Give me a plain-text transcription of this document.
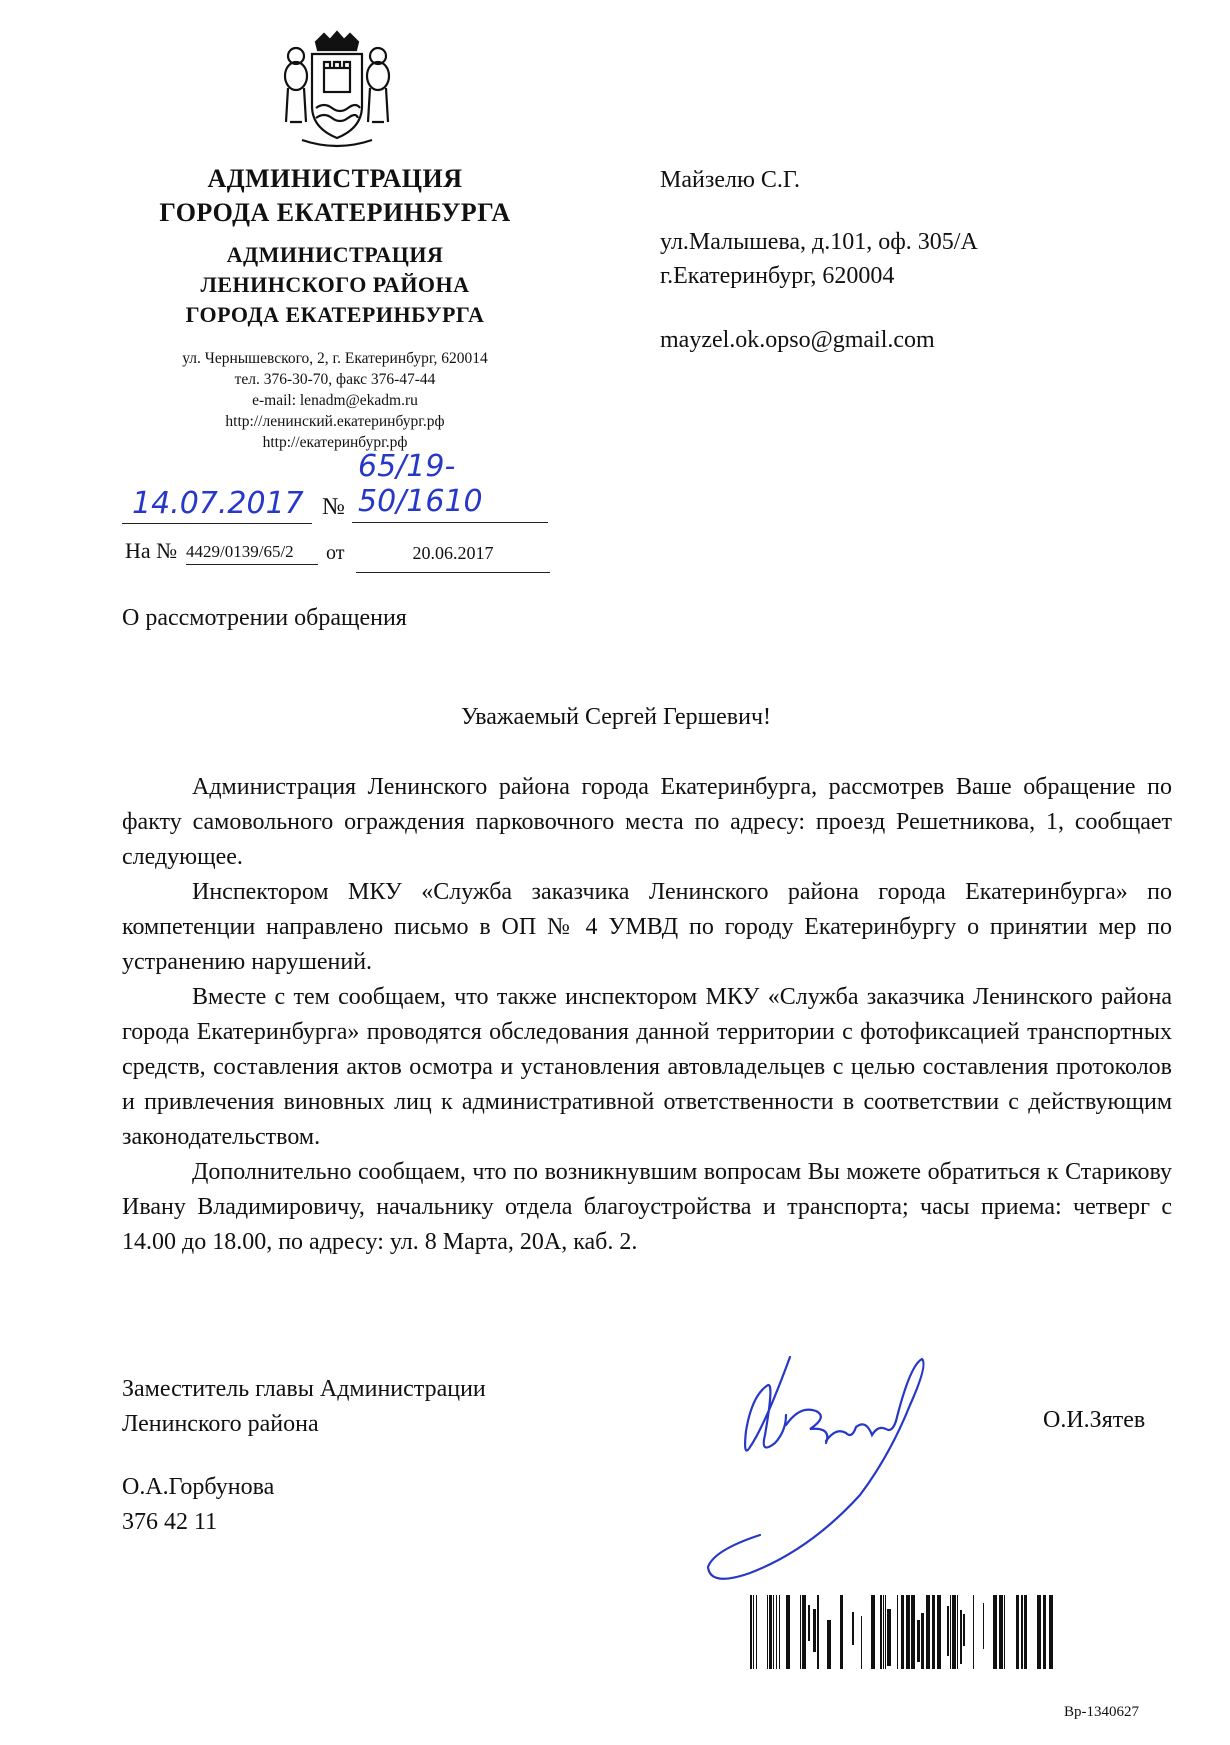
АДМИНИСТРАЦИЯ
ГОРОДА ЕКАТЕРИНБУРГА
АДМИНИСТРАЦИЯ
ЛЕНИНСКОГО РАЙОНА
ГОРОДА ЕКАТЕРИНБУРГА
ул. Чернышевского, 2, г. Екатеринбург, 620014
тел. 376-30-70, факс 376-47-44
e-mail: lenadm@ekadm.ru
http://ленинский.екатеринбург.рф
http://екатеринбург.рф
Майзелю С.Г.
ул.Малышева, д.101, оф. 305/А
г.Екатеринбург, 620004
mayzel.ok.opso@gmail.com
14.07.2017 №
65/19-50/1610
На № 4429/0139/65/2 от	20.06.2017
О рассмотрении обращения
Уважаемый Сергей Гершевич!

Администрация Ленинского района города Екатеринбурга, рассмотрев Ваше обращение по факту самовольного ограждения парковочного места по адресу: проезд Решетникова, 1, сообщает следующее.

Инспектором МКУ «Служба заказчика Ленинского района города Екатеринбурга» по компетенции направлено письмо в ОП № 4 УМВД по городу Екатеринбургу о принятии мер по устранению нарушений.

Вместе с тем сообщаем, что также инспектором МКУ «Служба заказчика Ленинского района города Екатеринбурга» проводятся обследования данной территории с фотофиксацией транспортных средств, составления актов осмотра и установления автовладельцев с целью составления протоколов и привлечения виновных лиц к административной ответственности в соответствии с действующим законодательством.

Дополнительно сообщаем, что по возникнувшим вопросам Вы можете обратиться к Старикову Ивану Владимировичу, начальнику отдела благоустройства и транспорта; часы приема: четверг с 14.00 до 18.00, по адресу: ул. 8 Марта, 20А, каб. 2.

Заместитель главы Администрации
Ленинского района	О.И.Зятев
О.А.Горбунова
376 42 11
Вр-1340627
